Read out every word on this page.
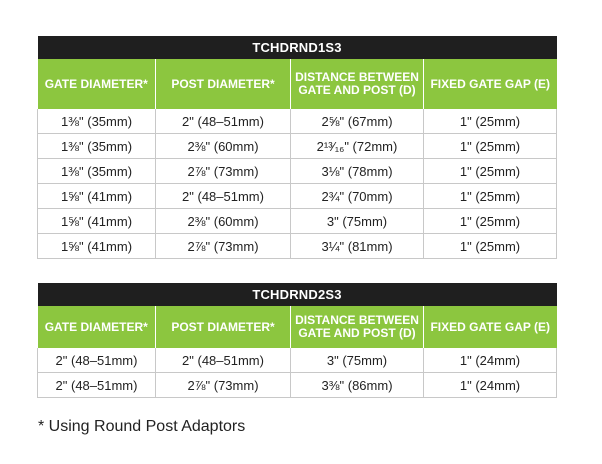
TCHDRND1S3			
GATE DIAMETER*	POST DIAMETER*	DISTANCE BETWEEN GATE AND POST (D)	FIXED GATE GAP (E)
1⅜" (35mm)	2" (48–51mm)	2⅝" (67mm)	1" (25mm)
1⅜" (35mm)	2⅜" (60mm)	2¹³⁄₁₆" (72mm)	1" (25mm)
1⅜" (35mm)	2⅞" (73mm)	3⅛" (78mm)	1" (25mm)
1⅝" (41mm)	2" (48–51mm)	2¾" (70mm)	1" (25mm)
1⅝" (41mm)	2⅜" (60mm)	3" (75mm)	1" (25mm)
1⅝" (41mm)	2⅞" (73mm)	3¼" (81mm)	1" (25mm)
TCHDRND2S3			
GATE DIAMETER*	POST DIAMETER*	DISTANCE BETWEEN GATE AND POST (D)	FIXED GATE GAP (E)
2" (48–51mm)	2" (48–51mm)	3" (75mm)	1" (24mm)
2" (48–51mm)	2⅞" (73mm)	3⅜" (86mm)	1" (24mm)
* Using Round Post Adaptors
